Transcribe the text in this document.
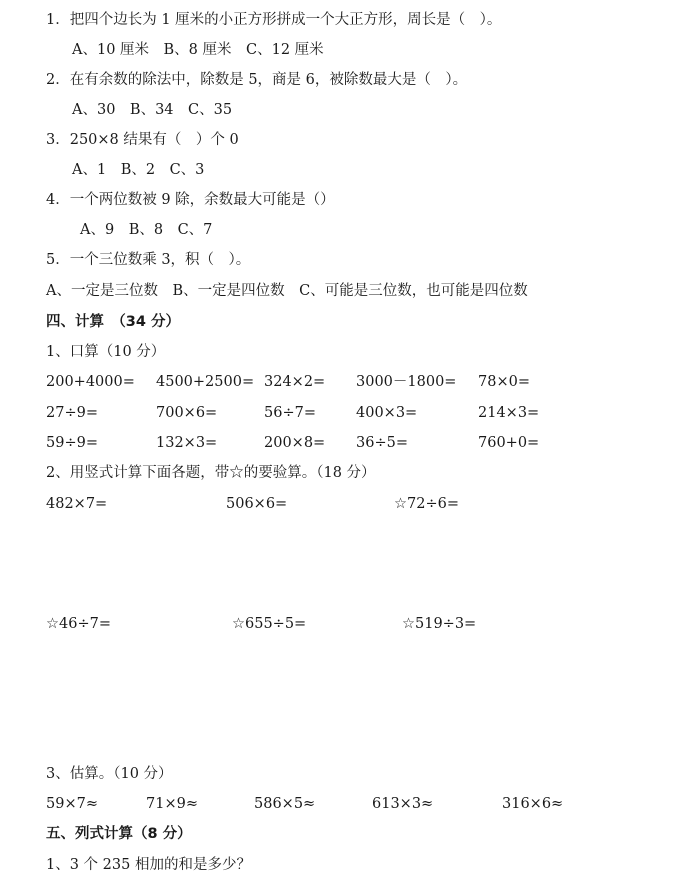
1．把四个边长为 1 厘米的小正方形拼成一个大正方形，周长是（　）。
A、10 厘米　B、8 厘米　C、12 厘米
2．在有余数的除法中，除数是 5，商是 6，被除数最大是（　）。
A、30　B、34　C、35
3．250×8 结果有（　）个 0
A、1　B、2　C、3
4．一个两位数被 9 除，余数最大可能是（）
A、9　B、8　C、7
5．一个三位数乘 3，积（　）。
A、一定是三位数　B、一定是四位数　C、可能是三位数，也可能是四位数
四、计算　（34 分）
1、口算（10 分）
200+4000= 4500+2500= 324×2= 3000－1800= 78×0=
27÷9=	700×6=	56÷7=	400×3=	214×3=
59÷9=	132×3=	200×8= 36÷5=	760+0=
2、用竖式计算下面各题，带☆的要验算。（18 分）
482×7=	506×6=	☆72÷6=
☆46÷7=	☆655÷5=	☆519÷3=
3、估算。（10 分）
59×7≈	71×9≈	586×5≈	613×3≈	316×6≈
五、列式计算（8 分）
1、3 个 235 相加的和是多少？
